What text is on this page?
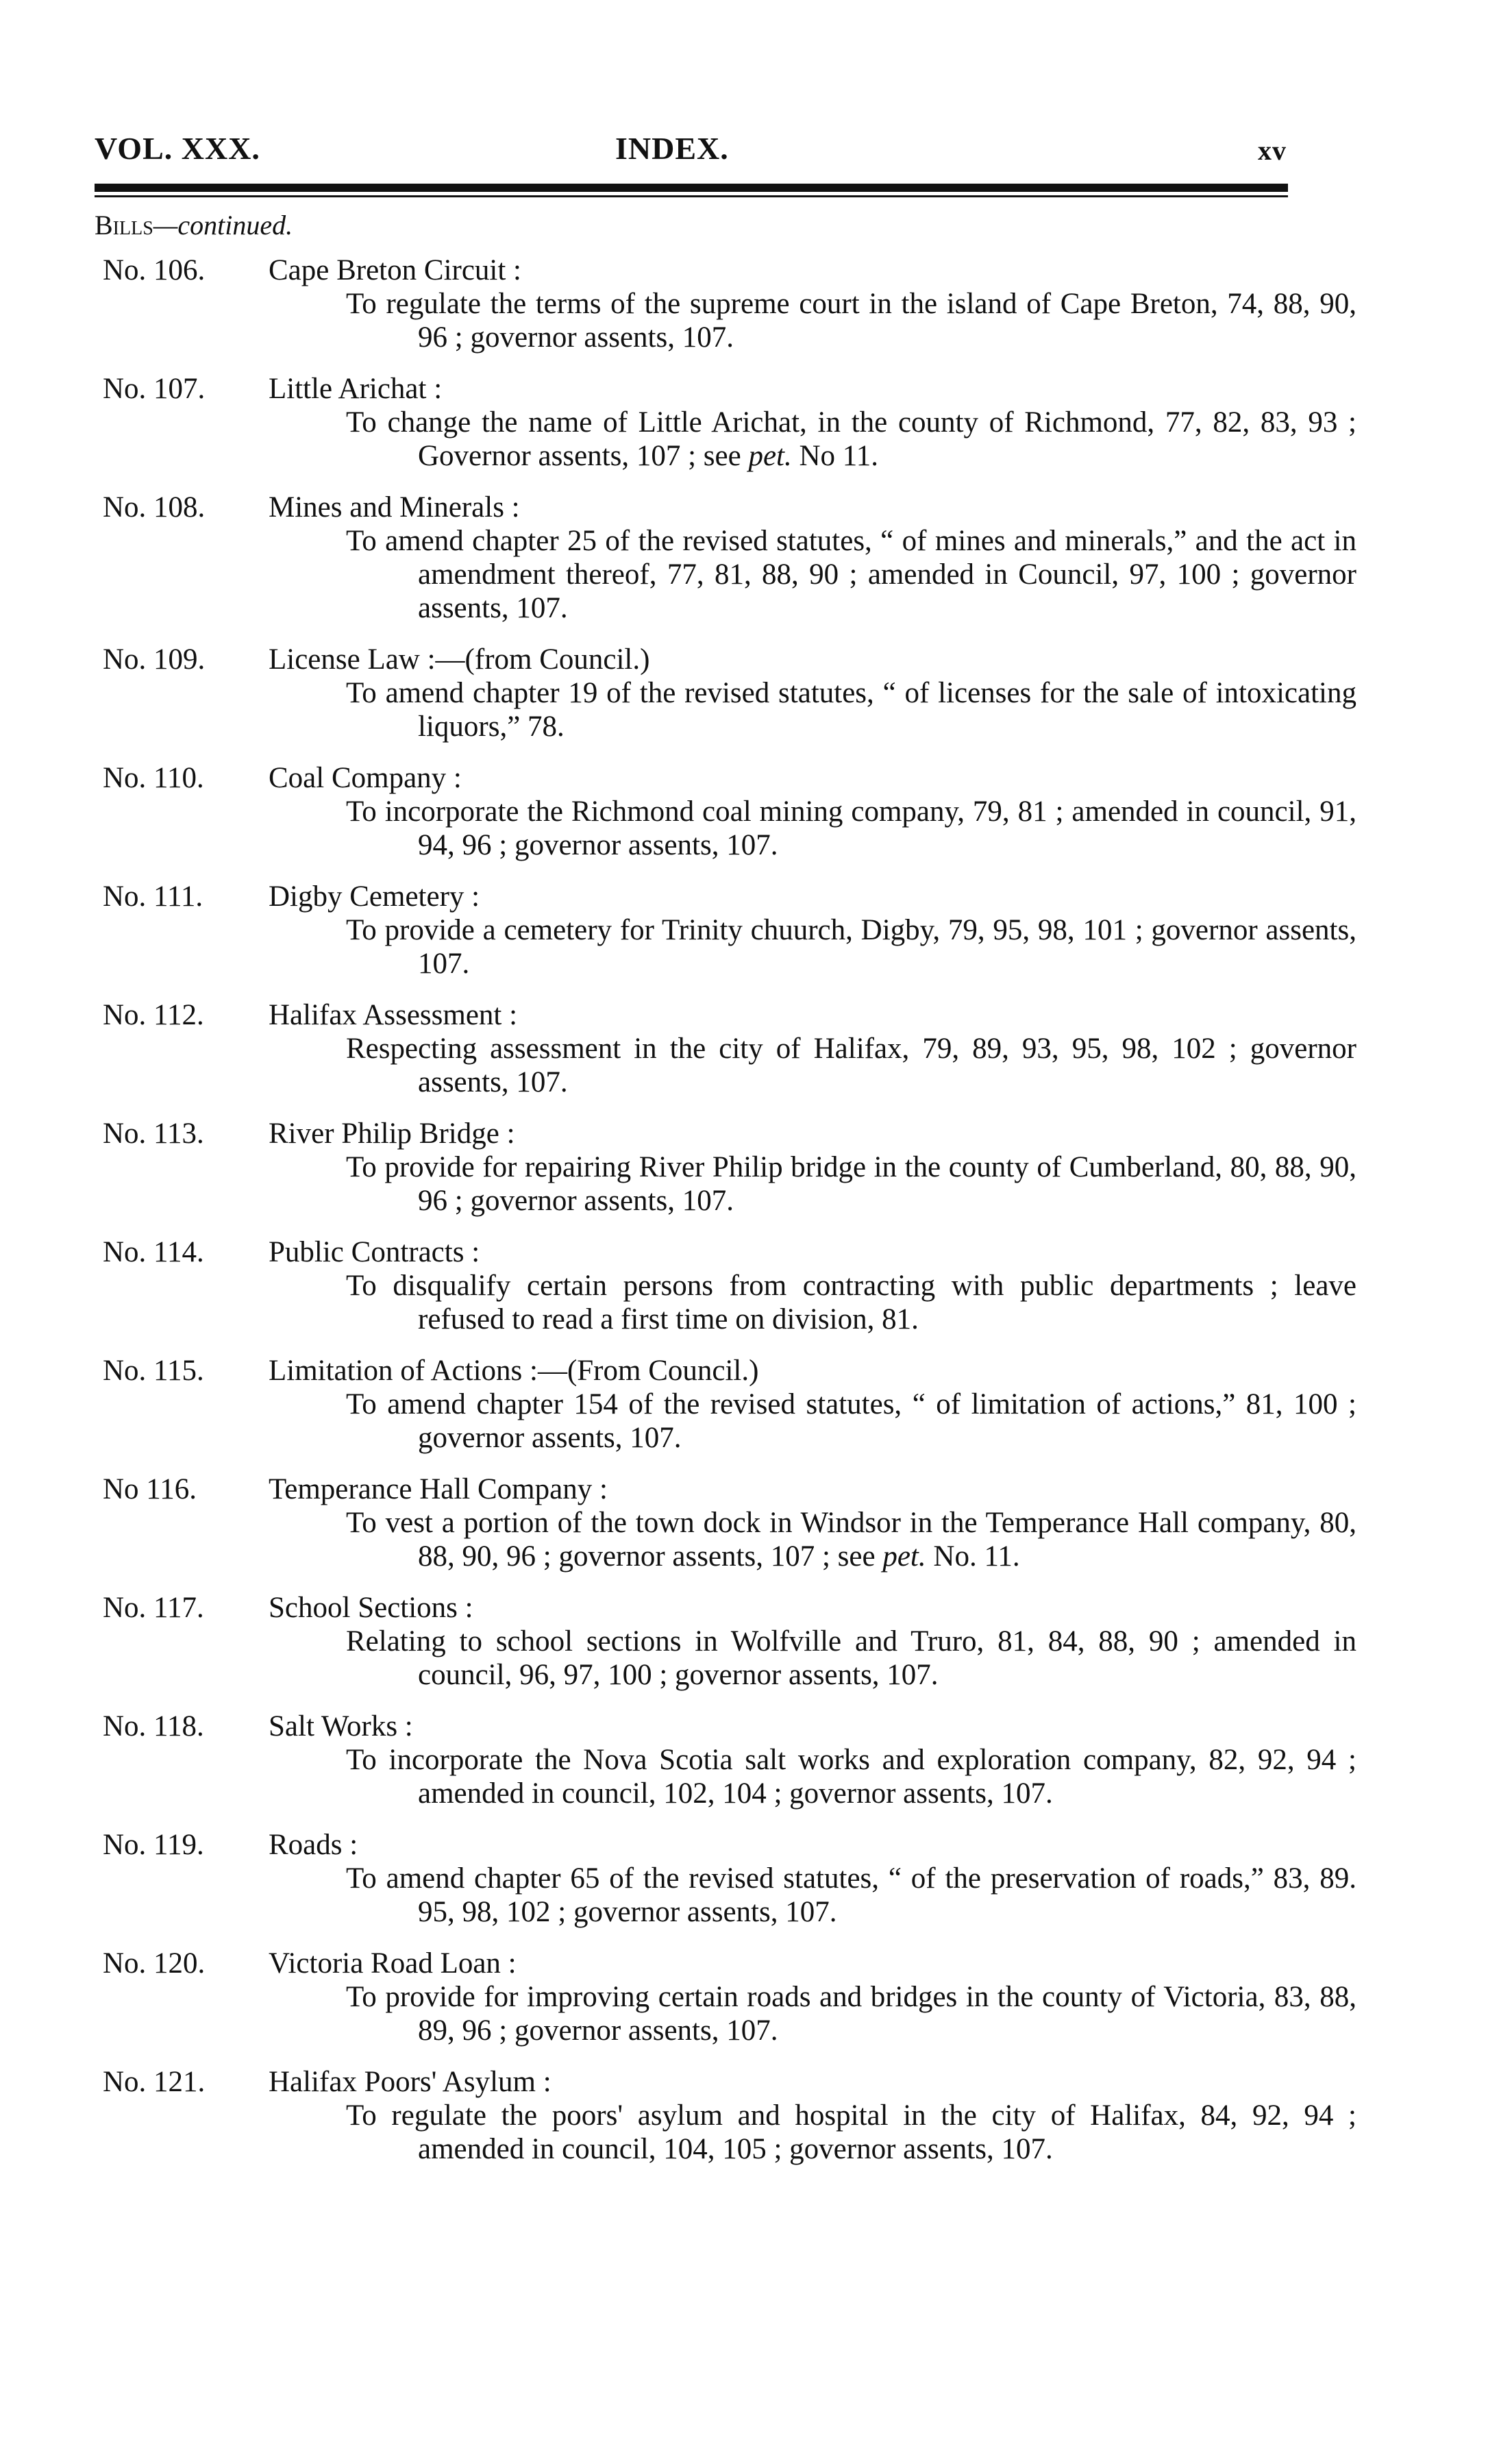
VOL. XXX.	INDEX.	xv
Bills—continued.
No. 106. Cape Breton Circuit :
To regulate the terms of the supreme court in the island of Cape Breton, 74, 88, 90, 96 ; governor assents, 107.
No. 107. Little Arichat :
To change the name of Little Arichat, in the county of Richmond, 77, 82, 83, 93 ; Governor assents, 107 ; see pet. No 11.
No. 108. Mines and Minerals :
To amend chapter 25 of the revised statutes, “ of mines and minerals,” and the act in amendment thereof, 77, 81, 88, 90 ; amended in Council, 97, 100 ; governor assents, 107.
No. 109. License Law :—(from Council.)
To amend chapter 19 of the revised statutes, “ of licenses for the sale of intoxicating liquors,” 78.
No. 110. Coal Company :
To incorporate the Richmond coal mining company, 79, 81 ; amended in council, 91, 94, 96 ; governor assents, 107.
No. 111. Digby Cemetery :
To provide a cemetery for Trinity chuurch, Digby, 79, 95, 98, 101 ; governor assents, 107.
No. 112. Halifax Assessment :
Respecting assessment in the city of Halifax, 79, 89, 93, 95, 98, 102 ; governor assents, 107.
No. 113. River Philip Bridge :
To provide for repairing River Philip bridge in the county of Cumberland, 80, 88, 90, 96 ; governor assents, 107.
No. 114. Public Contracts :
To disqualify certain persons from contracting with public departments ; leave refused to read a first time on division, 81.
No. 115. Limitation of Actions :—(From Council.)
To amend chapter 154 of the revised statutes, “ of limitation of actions,” 81, 100 ; governor assents, 107.
No 116. Temperance Hall Company :
To vest a portion of the town dock in Windsor in the Temperance Hall company, 80, 88, 90, 96 ; governor assents, 107 ; see pet. No. 11.
No. 117. School Sections :
Relating to school sections in Wolfville and Truro, 81, 84, 88, 90 ; amended in council, 96, 97, 100 ; governor assents, 107.
No. 118. Salt Works :
To incorporate the Nova Scotia salt works and exploration company, 82, 92, 94 ; amended in council, 102, 104 ; governor assents, 107.
No. 119. Roads :
To amend chapter 65 of the revised statutes, “ of the preservation of roads,” 83, 89. 95, 98, 102 ; governor assents, 107.
No. 120. Victoria Road Loan :
To provide for improving certain roads and bridges in the county of Victoria, 83, 88, 89, 96 ; governor assents, 107.
No. 121. Halifax Poors' Asylum :
To regulate the poors' asylum and hospital in the city of Halifax, 84, 92, 94 ; amended in council, 104, 105 ; governor assents, 107.
